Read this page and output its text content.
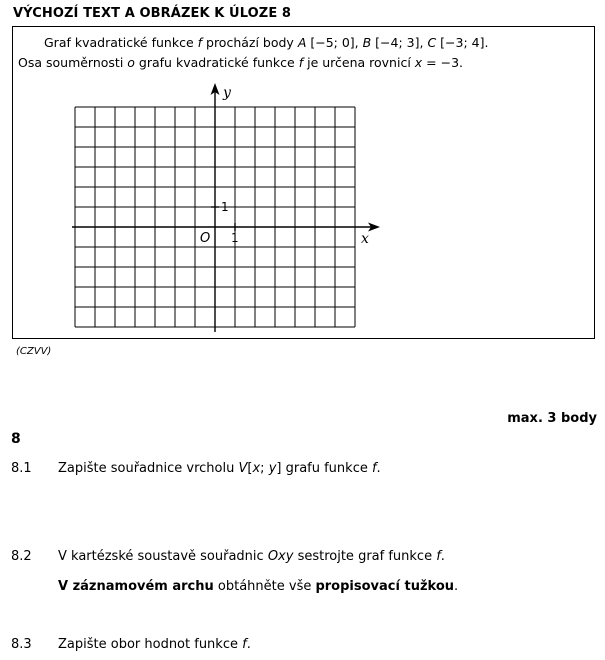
VÝCHOZÍ TEXT A OBRÁZEK K ÚLOZE 8
Graf kvadratické funkce f prochází body A [−5; 0], B [−4; 3], C [−3; 4].
Osa souměrnosti o grafu kvadratické funkce f je určena rovnicí x = −3.
x
y
O 1
1
(CZVV)
max. 3 body
8
8.1 Zapište souřadnice vrcholu V[x; y] grafu funkce f.
8.2 V kartézské soustavě souřadnic Oxy sestrojte graf funkce f.
V záznamovém archu obtáhněte vše propisovací tužkou.
8.3 Zapište obor hodnot funkce f.
